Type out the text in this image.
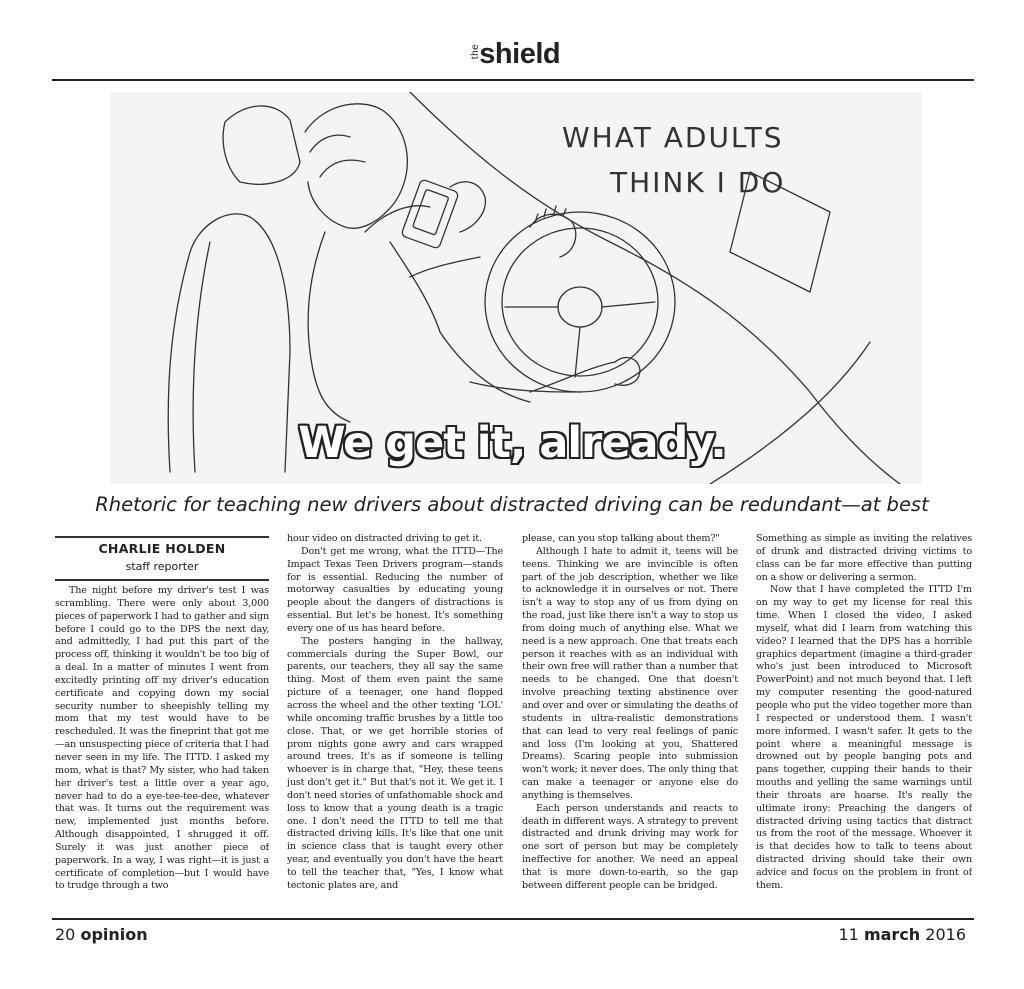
theshield
WHAT ADULTS
THINK I DO
We get it, already.
Rhetoric for teaching new drivers about distracted driving can be redundant—at best
CHARLIE HOLDEN
staff reporter

The night before my driver's test I was scrambling. There were only about 3,000 pieces of paperwork I had to gather and sign before I could go to the DPS the next day, and admittedly, I had put this part of the process off, thinking it wouldn't be too big of a deal. In a matter of minutes I went from excitedly printing off my driver's education certificate and copying down my social security number to sheepishly telling my mom that my test would have to be rescheduled. It was the fineprint that got me—an unsuspecting piece of criteria that I had never seen in my life. The ITTD. I asked my mom, what is that? My sister, who had taken her driver's test a little over a year ago, never had to do a eye-tee-tee-dee, whatever that was. It turns out the requirement was new, implemented just months before. Although disappointed, I shrugged it off. Surely it was just another piece of paperwork. In a way, I was right—it is just a certificate of completion—but I would have to trudge through a two

hour video on distracted driving to get it.

Don't get me wrong, what the ITTD—The Impact Texas Teen Drivers program—stands for is essential. Reducing the number of motorway casualties by educating young people about the dangers of distractions is essential. But let's be honest. It's something every one of us has heard before.

The posters hanging in the hallway, commercials during the Super Bowl, our parents, our teachers, they all say the same thing. Most of them even paint the same picture of a teenager, one hand flopped across the wheel and the other texting 'LOL' while oncoming traffic brushes by a little too close. That, or we get horrible stories of prom nights gone awry and cars wrapped around trees. It's as if someone is telling whoever is in charge that, "Hey, these teens just don't get it." But that's not it. We get it. I don't need stories of unfathomable shock and loss to know that a young death is a tragic one. I don't need the ITTD to tell me that distracted driving kills. It's like that one unit in science class that is taught every other year, and eventually you don't have the heart to tell the teacher that, "Yes, I know what tectonic plates are, and

please, can you stop talking about them?"

Although I hate to admit it, teens will be teens. Thinking we are invincible is often part of the job description, whether we like to acknowledge it in ourselves or not. There isn't a way to stop any of us from dying on the road, just like there isn't a way to stop us from doing much of anything else. What we need is a new approach. One that treats each person it reaches with as an individual with their own free will rather than a number that needs to be changed. One that doesn't involve preaching texting abstinence over and over and over or simulating the deaths of students in ultra-realistic demonstrations that can lead to very real feelings of panic and loss (I'm looking at you, Shattered Dreams). Scaring people into submission won't work; it never does. The only thing that can make a teenager or anyone else do anything is themselves.

Each person understands and reacts to death in different ways. A strategy to prevent distracted and drunk driving may work for one sort of person but may be completely ineffective for another. We need an appeal that is more down-to-earth, so the gap between different people can be bridged.

Something as simple as inviting the relatives of drunk and distracted driving victims to class can be far more effective than putting on a show or delivering a sermon.

Now that I have completed the ITTD I'm on my way to get my license for real this time. When I closed the video, I asked myself, what did I learn from watching this video? I learned that the DPS has a horrible graphics department (imagine a third-grader who's just been introduced to Microsoft PowerPoint) and not much beyond that. I left my computer resenting the good-natured people who put the video together more than I respected or understood them. I wasn't more informed. I wasn't safer. It gets to the point where a meaningful message is drowned out by people banging pots and pans together, cupping their hands to their mouths and yelling the same warnings until their throats are hoarse. It's really the ultimate irony: Preaching the dangers of distracted driving using tactics that distract us from the root of the message. Whoever it is that decides how to talk to teens about distracted driving should take their own advice and focus on the problem in front of them.

20 opinion	11 march 2016
